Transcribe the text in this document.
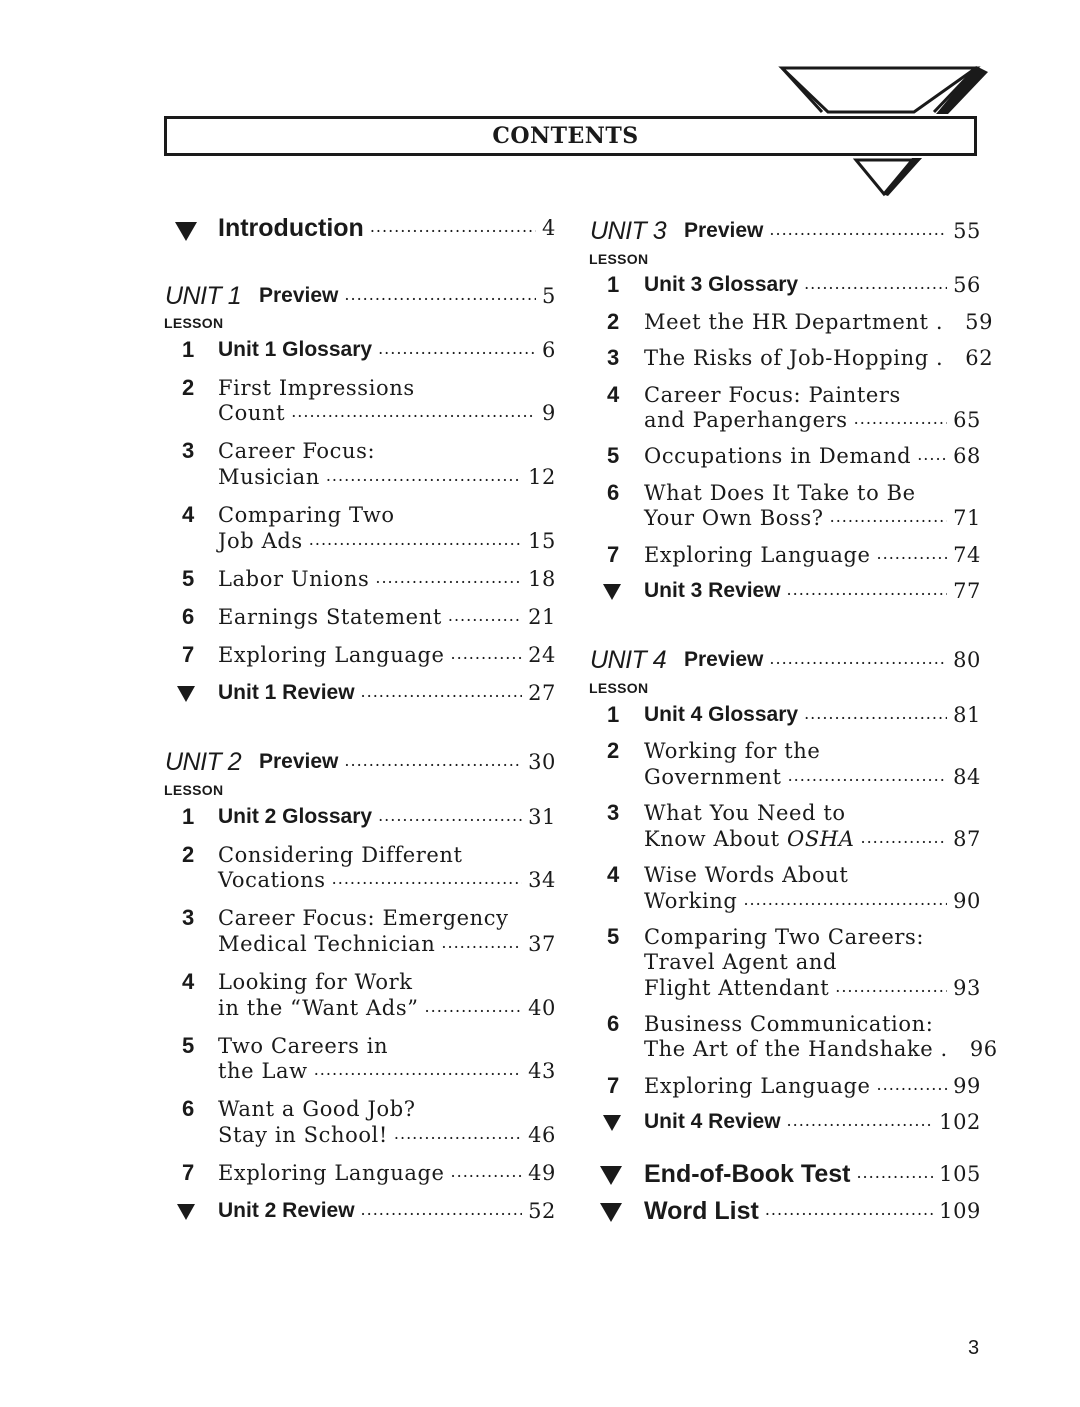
CONTENTS
Introduction .....	4
UNIT 1 Preview .....	5
LESSON
1 Unit 1 Glossary .....	6
2 First Impressions
Count .....	9
3 Career Focus:
Musician .....	12
4 Comparing Two
Job Ads .....	15
5 Labor Unions .....	18
6 Earnings Statement .....	21
7 Exploring Language .....	24
Unit 1 Review .....	27
UNIT 2 Preview .....	30
LESSON
1 Unit 2 Glossary .....	31
2 Considering Different
Vocations .....	34
3 Career Focus: Emergency
Medical Technician .....	37
4 Looking for Work
in the “Want Ads” .....	40
5 Two Careers in
the Law .....	43
6 Want a Good Job?
Stay in School! .....	46
7 Exploring Language .....	49
Unit 2 Review .....	52
UNIT 3 Preview .....	55
LESSON
1 Unit 3 Glossary .....	56
2 Meet the HR Department . 59
3 The Risks of Job-Hopping . 62
4 Career Focus: Painters
and Paperhangers .....	65
5 Occupations in Demand ..... 68
6 What Does It Take to Be
Your Own Boss? .....	71
7 Exploring Language .....	74
Unit 3 Review .....	77
UNIT 4 Preview .....	80
LESSON
1 Unit 4 Glossary .....	81
2 Working for the
Government .....	84
3 What You Need to
Know About OSHA .....	87
4 Wise Words About
Working .....	90
5 Comparing Two Careers:
Travel Agent and
Flight Attendant .....	93
6 Business Communication:
The Art of the Handshake . 96
7 Exploring Language .....	99
Unit 4 Review .....	102
End-of-Book Test .....	105
Word List .....	109
3
